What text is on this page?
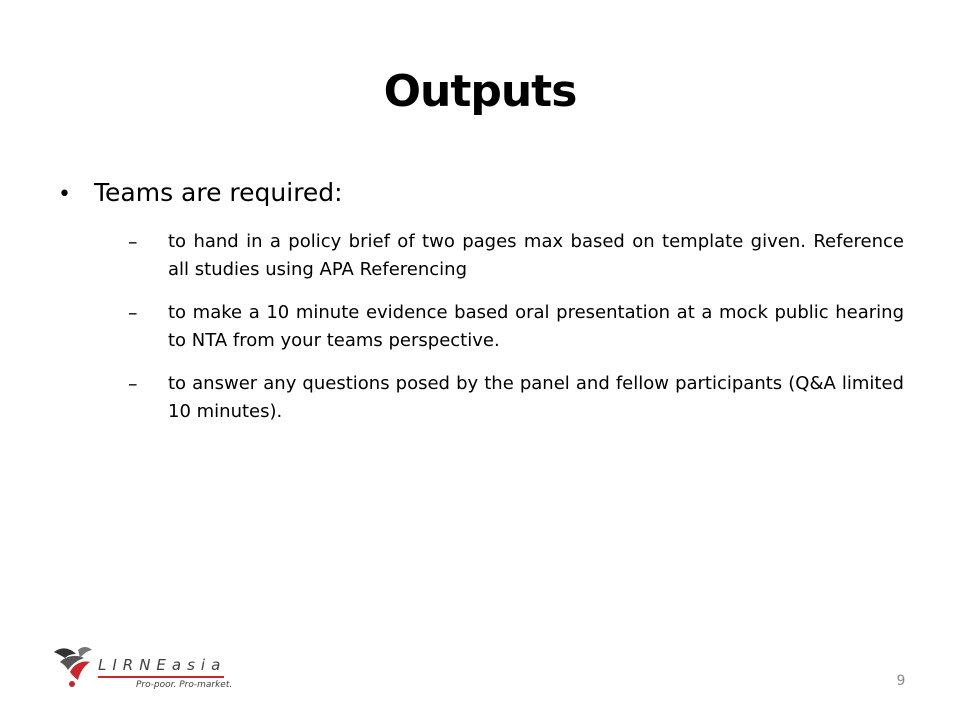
Outputs
• Teams are required:
–	to hand in a policy brief of two pages max based on template given. Reference all studies using APA Referencing
–	to make a 10 minute evidence based oral presentation at a mock public hearing to NTA from your teams perspective.
–	to answer any questions posed by the panel and fellow participants (Q&A limited 10 minutes).
LIRNEasia
Pro-poor. Pro-market.	9
